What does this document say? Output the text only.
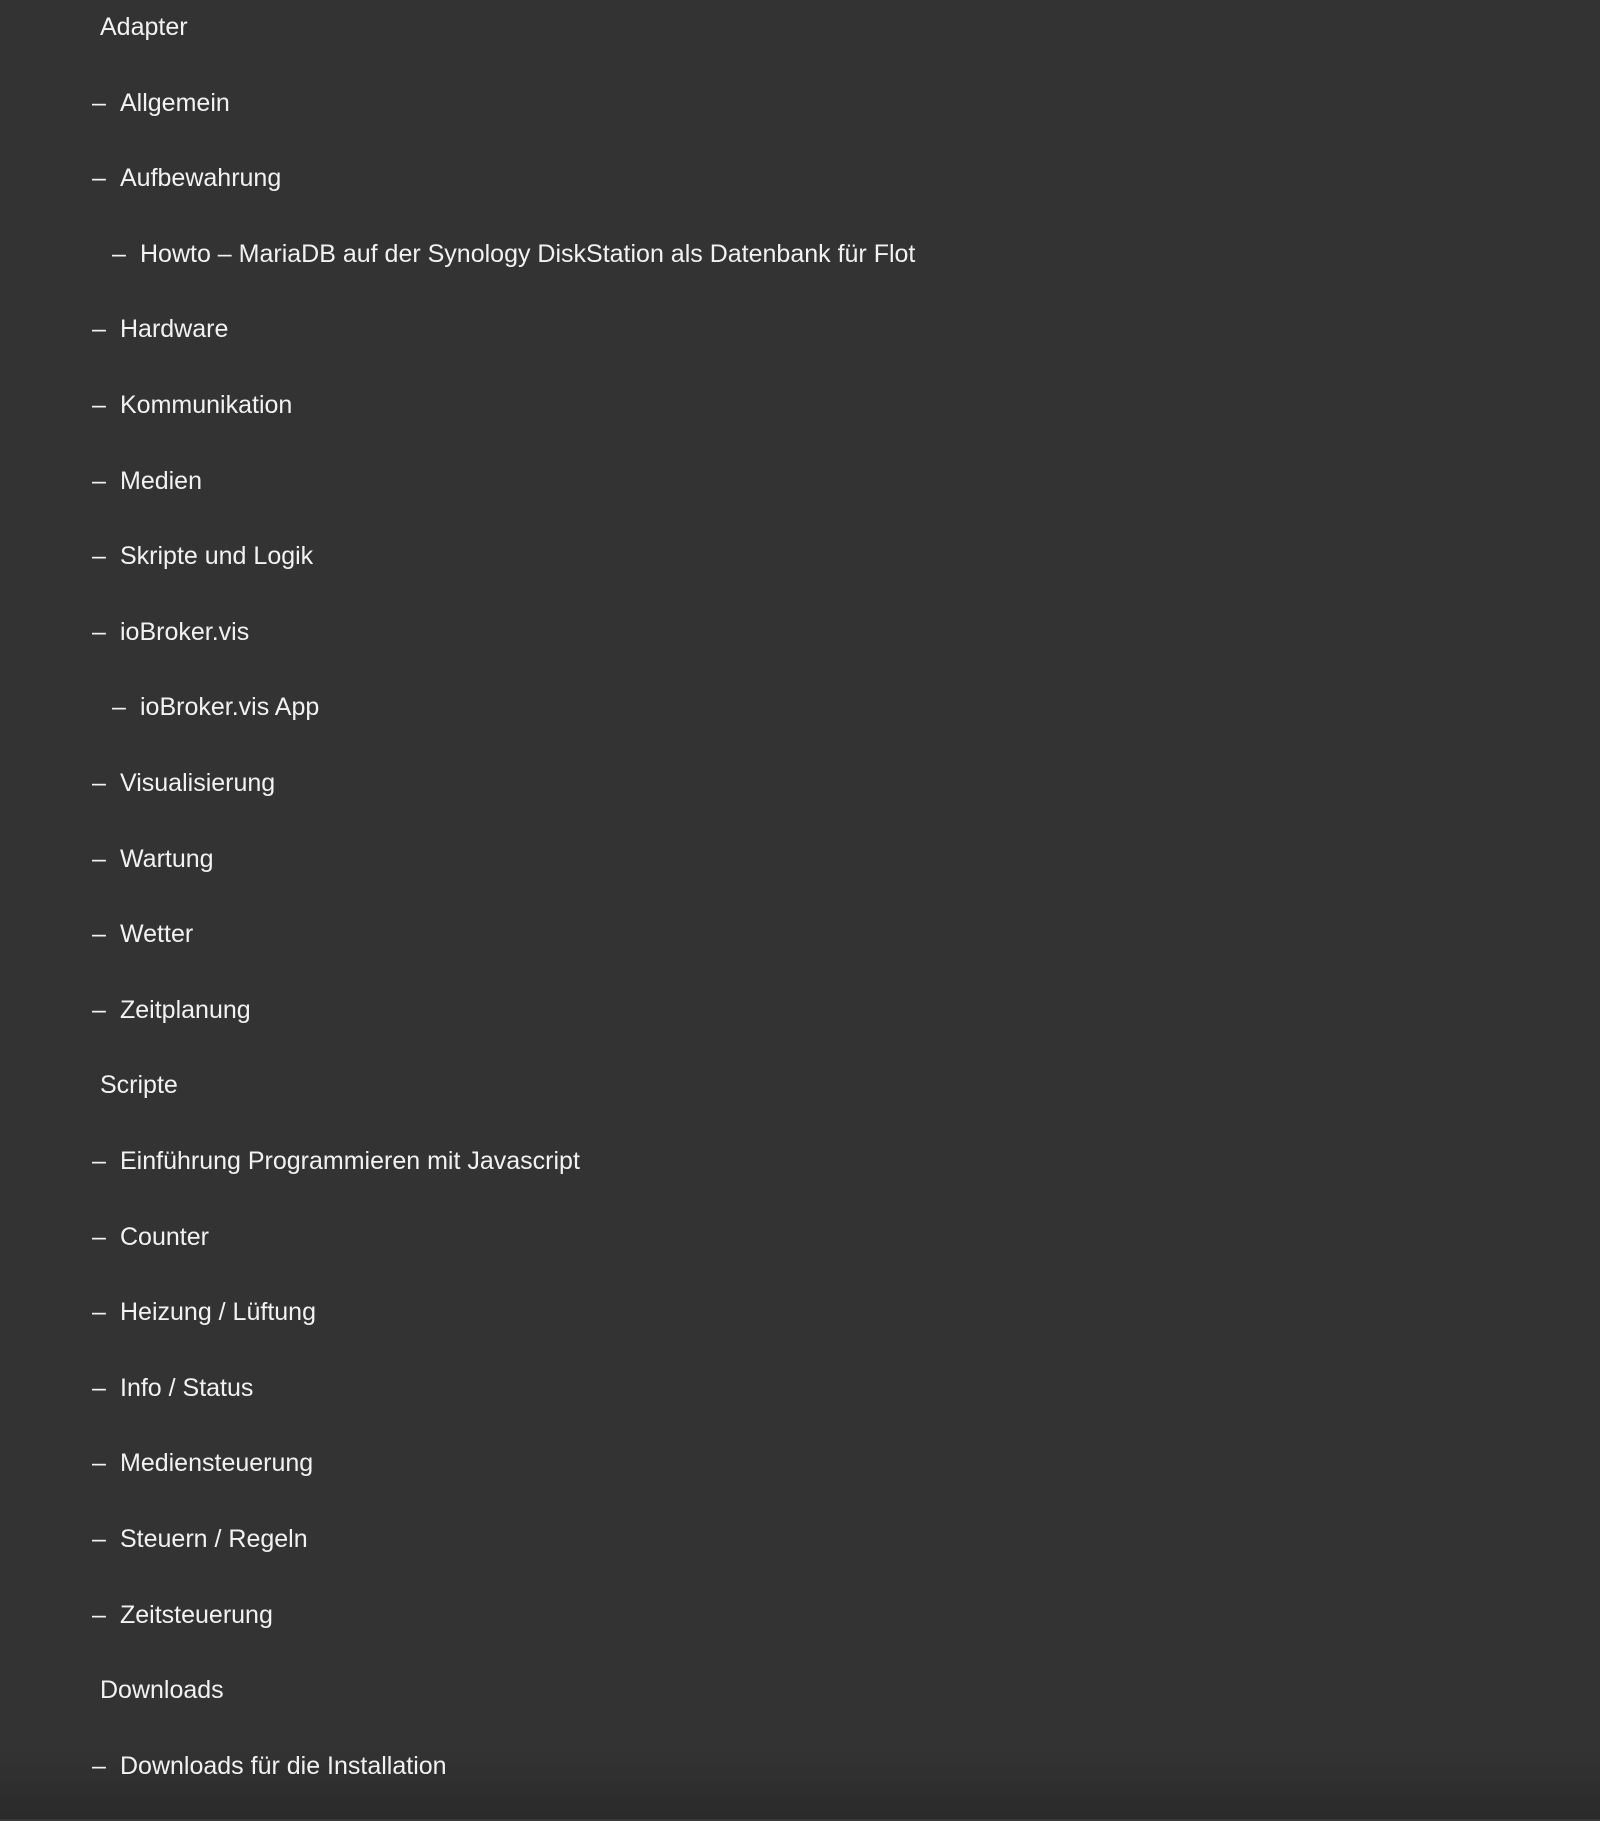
Adapter
– Allgemein
– Aufbewahrung
– Howto – MariaDB auf der Synology DiskStation als Datenbank für Flot
– Hardware
– Kommunikation
– Medien
– Skripte und Logik
– ioBroker.vis
– ioBroker.vis App
– Visualisierung
– Wartung
– Wetter
– Zeitplanung
Scripte
– Einführung Programmieren mit Javascript
– Counter
– Heizung / Lüftung
– Info / Status
– Mediensteuerung
– Steuern / Regeln
– Zeitsteuerung
Downloads
– Downloads für die Installation
